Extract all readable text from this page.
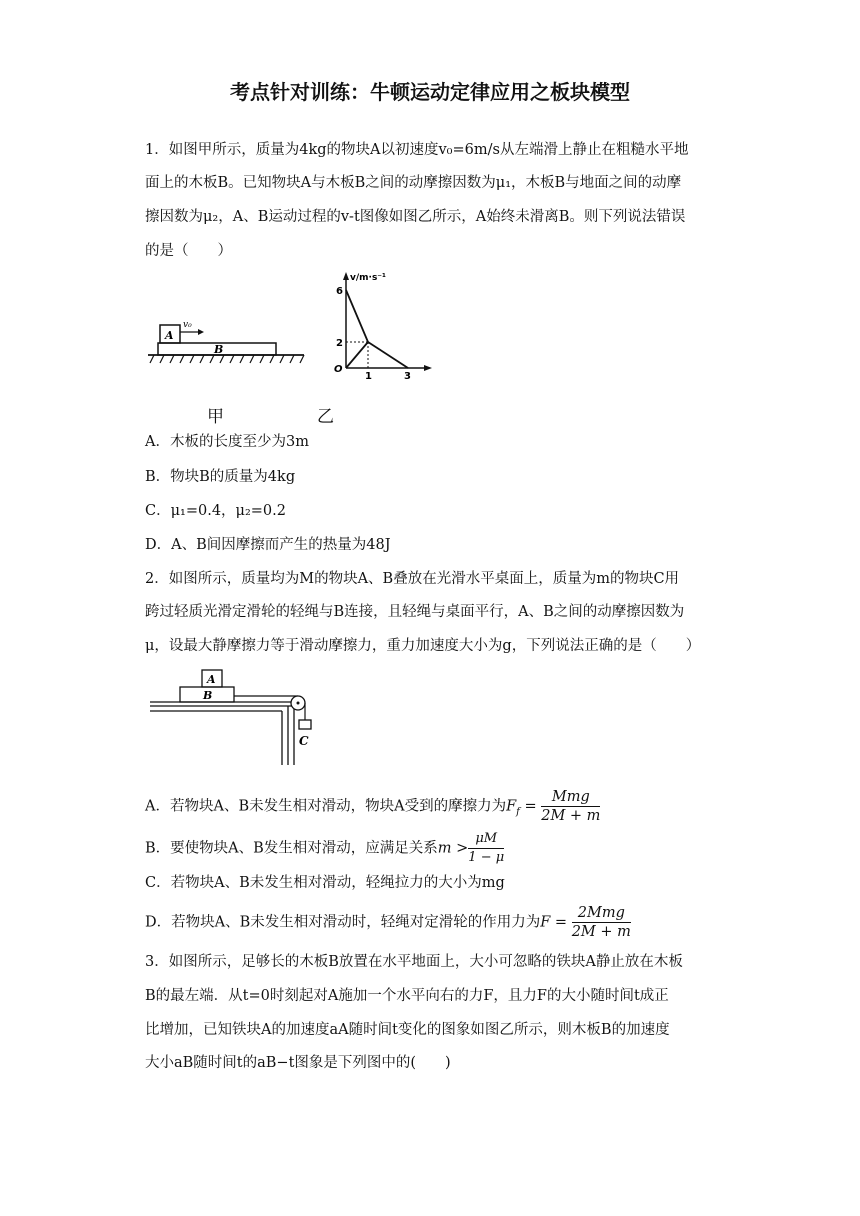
考点针对训练：牛顿运动定律应用之板块模型
1．如图甲所示，质量为4kg的物块A以初速度v₀=6m/s从左端滑上静止在粗糙水平地
面上的木板B。已知物块A与木板B之间的动摩擦因数为μ₁，木板B与地面之间的动摩
擦因数为μ₂，A、B运动过程的v-t图像如图乙所示，A始终未滑离B。则下列说法错误
的是（　　）
A
B
v₀
甲
v/m·s⁻¹
6
2
O
1	3
乙
A．木板的长度至少为3m
B．物块B的质量为4kg
C．μ₁=0.4，μ₂=0.2
D．A、B间因摩擦而产生的热量为48J
2．如图所示，质量均为M的物块A、B叠放在光滑水平桌面上，质量为m的物块C用
跨过轻质光滑定滑轮的轻绳与B连接，且轻绳与桌面平行，A、B之间的动摩擦因数为
μ，设最大静摩擦力等于滑动摩擦力，重力加速度大小为g，下列说法正确的是（　　）
A
B
C
A．若物块A、B未发生相对滑动，物块A受到的摩擦力为$F_f = \frac{\text{Mmg}}{2M + m}$
B．要使物块A、B发生相对滑动，应满足关系$m > \frac{\mu M}{1 - \mu}$
C．若物块A、B未发生相对滑动，轻绳拉力的大小为mg
D．若物块A、B未发生相对滑动时，轻绳对定滑轮的作用力为$F = \frac{\text{2Mmg}}{2M + m}$
3．如图所示，足够长的木板B放置在水平地面上，大小可忽略的铁块A静止放在木板
B的最左端．从t=0时刻起对A施加一个水平向右的力F，且力F的大小随时间t成正
比增加，已知铁块A的加速度aA随时间t变化的图象如图乙所示，则木板B的加速度
大小aB随时间t的aB−t图象是下列图中的(　　)
